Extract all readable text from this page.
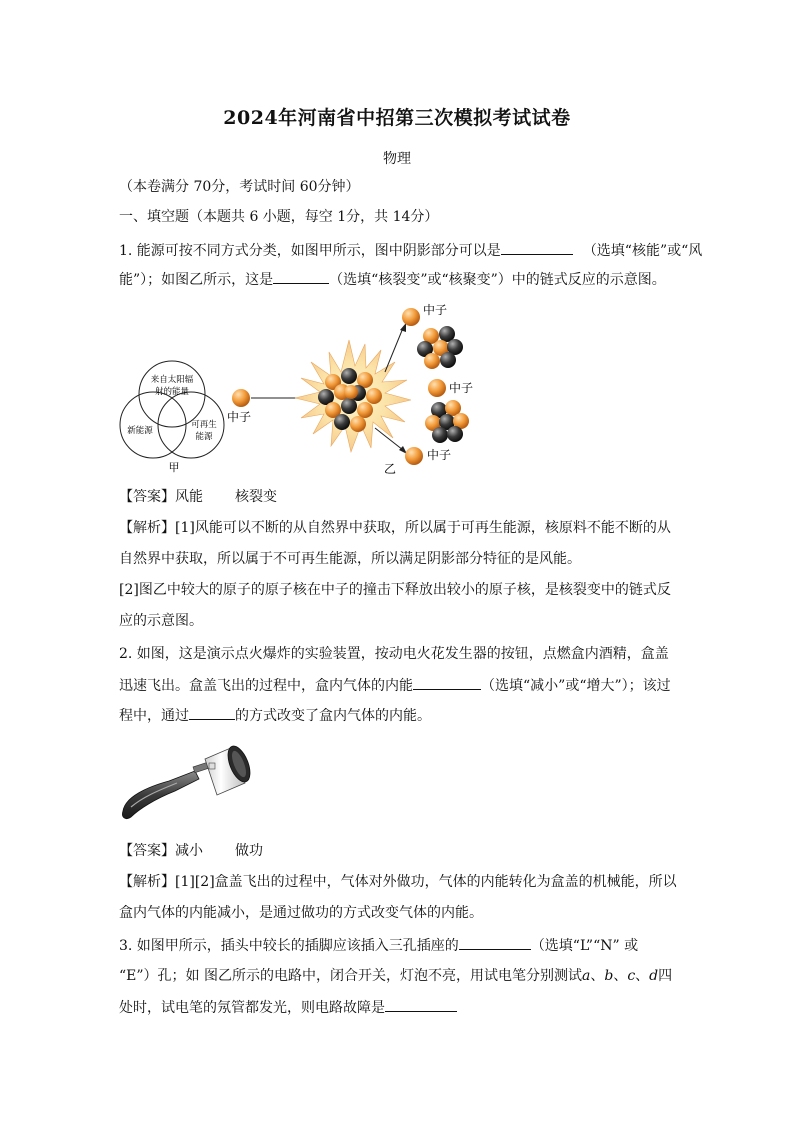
2024年河南省中招第三次模拟考试试卷
物理
（本卷满分 70分，考试时间 60分钟）
一、填空题（本题共 6 小题，每空 1分，共 14分）
1. 能源可按不同方式分类，如图甲所示，图中阴影部分可以是	（选填“核能”或“风
能”）；如图乙所示，这是	（选填“核裂变”或“核聚变”）中的链式反应的示意图。
来自太阳辐
射的能量
新能源
可再生
能源
甲
中子
中子
中子
中子
乙
【答案】风能 核裂变
【解析】[1]风能可以不断的从自然界中获取，所以属于可再生能源，核原料不能不断的从
自然界中获取，所以属于不可再生能源，所以满足阴影部分特征的是风能。
[2]图乙中较大的原子的原子核在中子的撞击下释放出较小的原子核，是核裂变中的链式反
应的示意图。
2. 如图，这是演示点火爆炸的实验装置，按动电火花发生器的按钮，点燃盒内酒精，盒盖
迅速飞出。盒盖飞出的过程中，盒内气体的内能	（选填“减小”或“增大”）；该过
程中，通过	的方式改变了盒内气体的内能。
【答案】减小 做功
【解析】[1][2]盒盖飞出的过程中，气体对外做功，气体的内能转化为盒盖的机械能，所以
盒内气体的内能减小，是通过做功的方式改变气体的内能。
3. 如图甲所示，插头中较长的插脚应该插入三孔插座的	（选填“L”“N” 或
“E”）孔；如 图乙所示的电路中，闭合开关，灯泡不亮，用试电笔分别测试a、b、c、d四
处时，试电笔的氖管都发光，则电路故障是
